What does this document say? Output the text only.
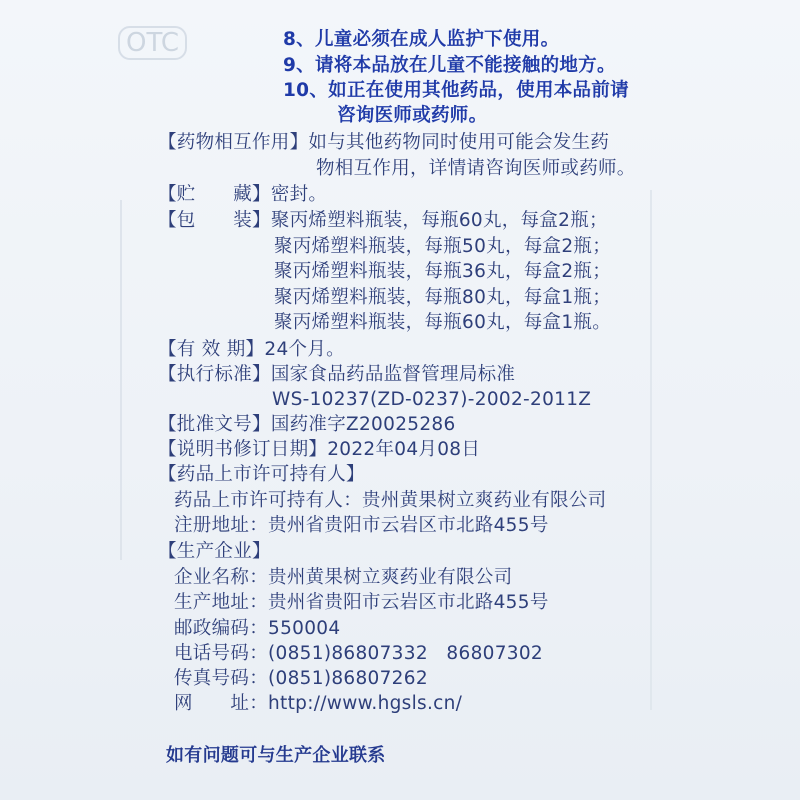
OTC	8、儿童必须在成人监护下使用。
9、请将本品放在儿童不能接触的地方。
10、如正在使用其他药品，使用本品前请
咨询医师或药师。
【药物相互作用】如与其他药物同时使用可能会发生药
物相互作用，详情请咨询医师或药师。
【贮　　藏】密封。
【包　　装】聚丙烯塑料瓶装，每瓶60丸，每盒2瓶；
聚丙烯塑料瓶装，每瓶50丸，每盒2瓶；
聚丙烯塑料瓶装，每瓶36丸，每盒2瓶；
聚丙烯塑料瓶装，每瓶80丸，每盒1瓶；
聚丙烯塑料瓶装，每瓶60丸，每盒1瓶。
【有 效 期】24个月。
【执行标准】国家食品药品监督管理局标准
WS-10237(ZD-0237)-2002-2011Z
【批准文号】国药准字Z20025286
【说明书修订日期】2022年04月08日
【药品上市许可持有人】
药品上市许可持有人：贵州黄果树立爽药业有限公司
注册地址：贵州省贵阳市云岩区市北路455号
【生产企业】
企业名称：贵州黄果树立爽药业有限公司
生产地址：贵州省贵阳市云岩区市北路455号
邮政编码：550004
电话号码：(0851)86807332   86807302
传真号码：(0851)86807262
网　　址：http://www.hgsls.cn/
如有问题可与生产企业联系
